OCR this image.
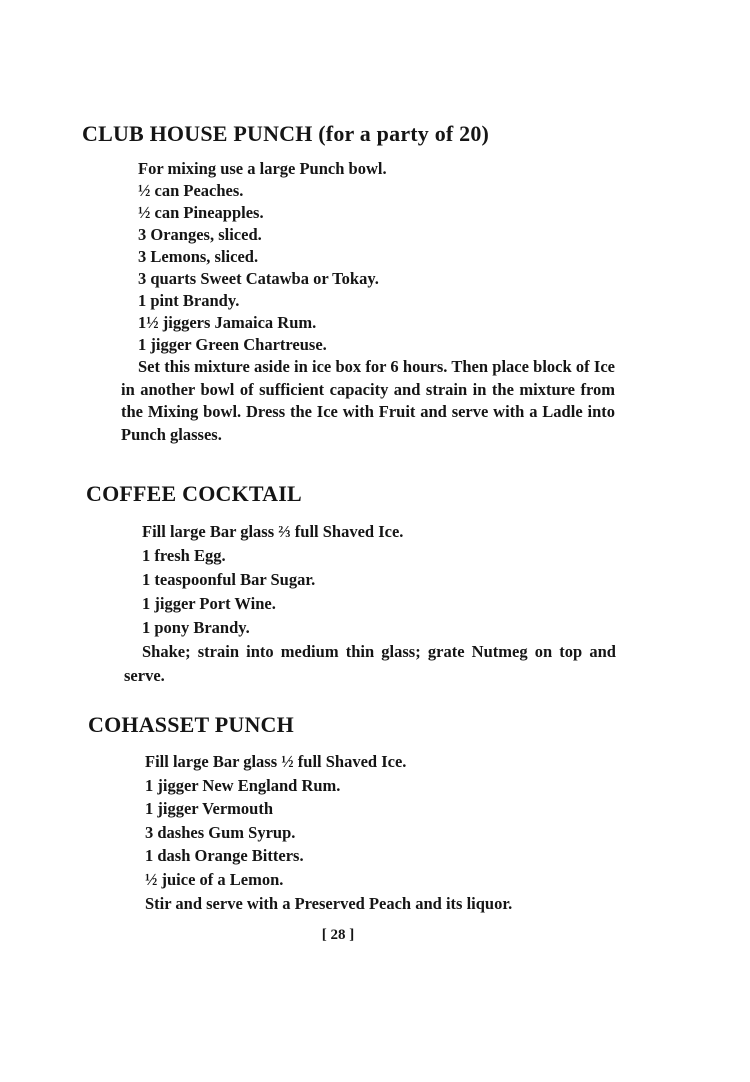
CLUB HOUSE PUNCH (for a party of 20)
For mixing use a large Punch bowl.
½ can Peaches.
½ can Pineapples.
3 Oranges, sliced.
3 Lemons, sliced.
3 quarts Sweet Catawba or Tokay.
1 pint Brandy.
1½ jiggers Jamaica Rum.
1 jigger Green Chartreuse.

Set this mixture aside in ice box for 6 hours. Then place block of Ice in another bowl of sufficient capacity and strain in the mixture from the Mixing bowl. Dress the Ice with Fruit and serve with a Ladle into Punch glasses.

COFFEE COCKTAIL
Fill large Bar glass ⅔ full Shaved Ice.
1 fresh Egg.
1 teaspoonful Bar Sugar.
1 jigger Port Wine.
1 pony Brandy.

Shake; strain into medium thin glass; grate Nutmeg on top and serve.

COHASSET PUNCH
Fill large Bar glass ½ full Shaved Ice.
1 jigger New England Rum.
1 jigger Vermouth
3 dashes Gum Syrup.
1 dash Orange Bitters.
½ juice of a Lemon.
Stir and serve with a Preserved Peach and its liquor.
[ 28 ]
